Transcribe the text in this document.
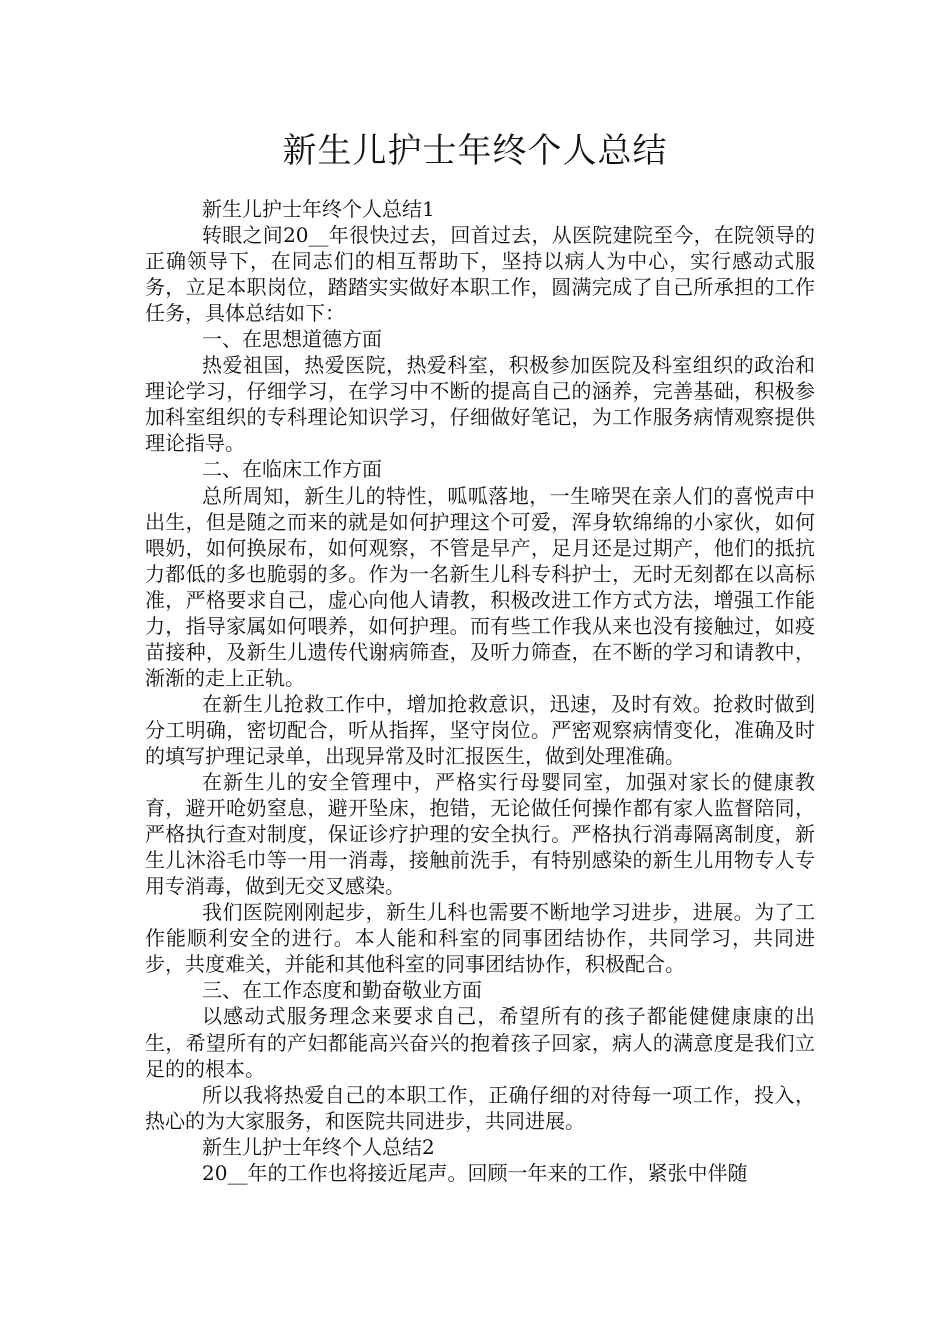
新生儿护士年终个人总结

新生儿护士年终个人总结1

转眼之间20__年很快过去，回首过去，从医院建院至今，在院领导的正确领导下，在同志们的相互帮助下，坚持以病人为中心，实行感动式服务，立足本职岗位，踏踏实实做好本职工作，圆满完成了自己所承担的工作任务，具体总结如下：

一、在思想道德方面

热爱祖国，热爱医院，热爱科室，积极参加医院及科室组织的政治和理论学习，仔细学习，在学习中不断的提高自己的涵养，完善基础，积极参加科室组织的专科理论知识学习，仔细做好笔记，为工作服务病情观察提供理论指导。

二、在临床工作方面

总所周知，新生儿的特性，呱呱落地，一生啼哭在亲人们的喜悦声中出生，但是随之而来的就是如何护理这个可爱，浑身软绵绵的小家伙，如何喂奶，如何换尿布，如何观察，不管是早产，足月还是过期产，他们的抵抗力都低的多也脆弱的多。作为一名新生儿科专科护士，无时无刻都在以高标准，严格要求自己，虚心向他人请教，积极改进工作方式方法，增强工作能力，指导家属如何喂养，如何护理。而有些工作我从来也没有接触过，如疫苗接种，及新生儿遗传代谢病筛查，及听力筛查，在不断的学习和请教中，渐渐的走上正轨。

在新生儿抢救工作中，增加抢救意识，迅速，及时有效。抢救时做到分工明确，密切配合，听从指挥，坚守岗位。严密观察病情变化，准确及时的填写护理记录单，出现异常及时汇报医生，做到处理准确。

在新生儿的安全管理中，严格实行母婴同室，加强对家长的健康教育，避开呛奶窒息，避开坠床，抱错，无论做任何操作都有家人监督陪同，严格执行查对制度，保证诊疗护理的安全执行。严格执行消毒隔离制度，新生儿沐浴毛巾等一用一消毒，接触前洗手，有特别感染的新生儿用物专人专用专消毒，做到无交叉感染。

我们医院刚刚起步，新生儿科也需要不断地学习进步，进展。为了工作能顺利安全的进行。本人能和科室的同事团结协作，共同学习，共同进步，共度难关，并能和其他科室的同事团结协作，积极配合。

三、在工作态度和勤奋敬业方面

以感动式服务理念来要求自己，希望所有的孩子都能健健康康的出生，希望所有的产妇都能高兴奋兴的抱着孩子回家，病人的满意度是我们立足的的根本。

所以我将热爱自己的本职工作，正确仔细的对待每一项工作，投入，热心的为大家服务，和医院共同进步，共同进展。

新生儿护士年终个人总结2

20__年的工作也将接近尾声。回顾一年来的工作，紧张中伴随
